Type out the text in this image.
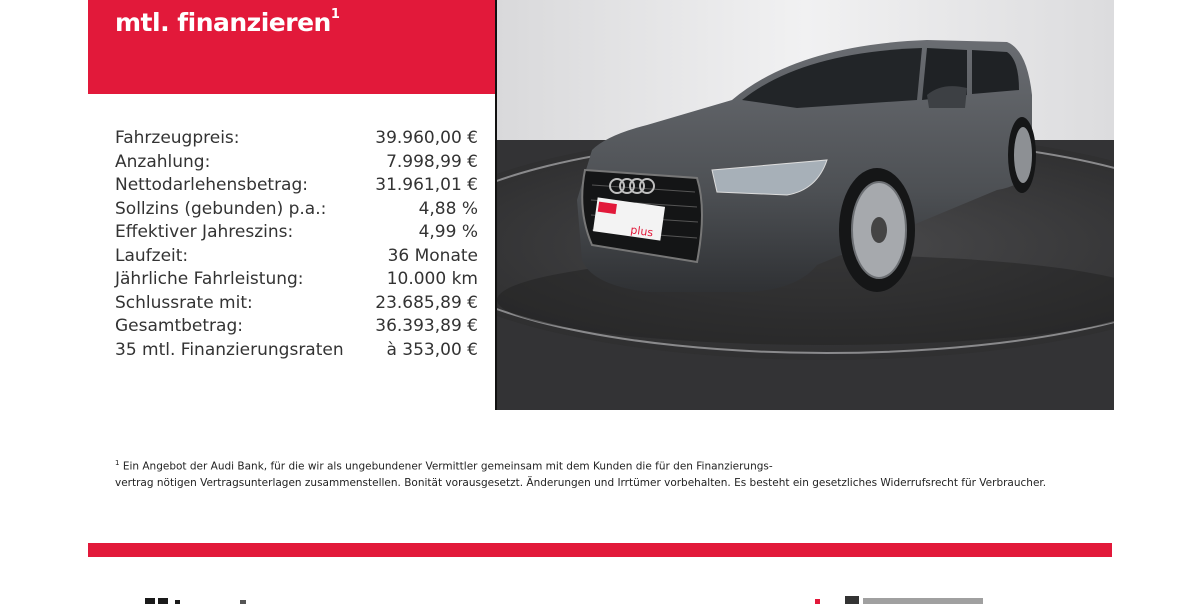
mtl. finanzieren$^1$
Fahrzeugpreis:	39.960,00 €
Anzahlung:	7.998,99 €
Nettodarlehensbetrag:	31.961,01 €
Sollzins (gebunden) p.a.:	4,88 %
Effektiver Jahreszins:	4,99 %
Laufzeit:	36 Monate
Jährliche Fahrleistung:	10.000 km
Schlussrate mit:	23.685,89 €
Gesamtbetrag:	36.393,89 €
35 mtl. Finanzierungsraten	à 353,00 €
plus
$^1$ Ein Angebot der Audi Bank, für die wir als ungebundener Vermittler gemeinsam mit dem Kunden die für den Finanzierungs-
vertrag nötigen Vertragsunterlagen zusammenstellen. Bonität vorausgesetzt. Änderungen und Irrtümer vorbehalten. Es besteht ein gesetzliches Widerrufsrecht für Verbraucher.
